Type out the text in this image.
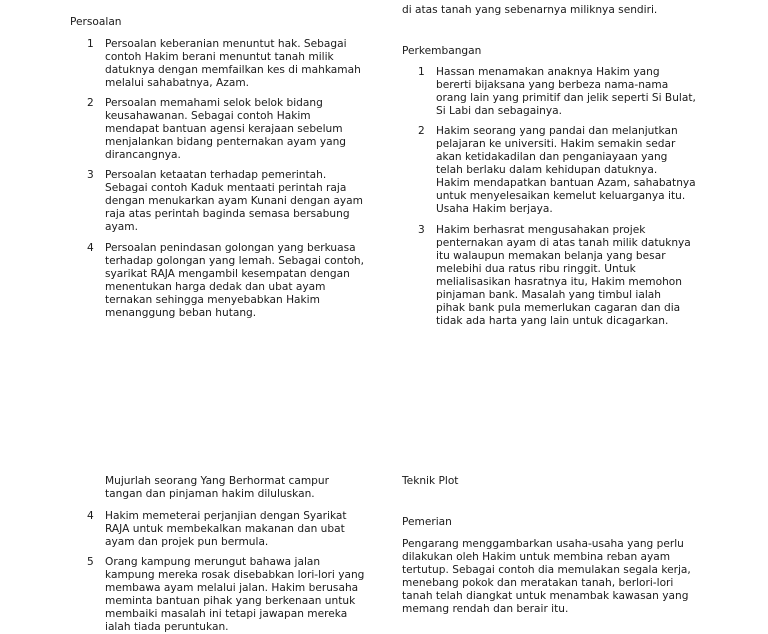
di atas tanah yang sebenarnya miliknya sendiri.
Persoalan
1	Persoalan keberanian menuntut hak. Sebagai
contoh Hakim berani menuntut tanah milik
datuknya dengan memfailkan kes di mahkamah
melalui sahabatnya, Azam.
2	Persoalan memahami selok belok bidang
keusahawanan. Sebagai contoh Hakim
mendapat bantuan agensi kerajaan sebelum
menjalankan bidang penternakan ayam yang
dirancangnya.
3	Persoalan ketaatan terhadap pemerintah.
Sebagai contoh Kaduk mentaati perintah raja
dengan menukarkan ayam Kunani dengan ayam
raja atas perintah baginda semasa bersabung
ayam.
4	Persoalan penindasan golongan yang berkuasa
terhadap golongan yang lemah. Sebagai contoh,
syarikat RAJA mengambil kesempatan dengan
menentukan harga dedak dan ubat ayam
ternakan sehingga menyebabkan Hakim
menanggung beban hutang.
Perkembangan
1	Hassan menamakan anaknya Hakim yang
bererti bijaksana yang berbeza nama-nama
orang lain yang primitif dan jelik seperti Si Bulat,
Si Labi dan sebagainya.
2	Hakim seorang yang pandai dan melanjutkan
pelajaran ke universiti. Hakim semakin sedar
akan ketidakadilan dan penganiayaan yang
telah berlaku dalam kehidupan datuknya.
Hakim mendapatkan bantuan Azam, sahabatnya
untuk menyelesaikan kemelut keluarganya itu.
Usaha Hakim berjaya.
3	Hakim berhasrat mengusahakan projek
penternakan ayam di atas tanah milik datuknya
itu walaupun memakan belanja yang besar
melebihi dua ratus ribu ringgit. Untuk
melialisasikan hasratnya itu, Hakim memohon
pinjaman bank. Masalah yang timbul ialah
pihak bank pula memerlukan cagaran dan dia
tidak ada harta yang lain untuk dicagarkan.
Mujurlah seorang Yang Berhormat campur
tangan dan pinjaman hakim diluluskan.
4	Hakim memeterai perjanjian dengan Syarikat
RAJA untuk membekalkan makanan dan ubat
ayam dan projek pun bermula.
5	Orang kampung merungut bahawa jalan
kampung mereka rosak disebabkan lori-lori yang
membawa ayam melalui jalan. Hakim berusaha
meminta bantuan pihak yang berkenaan untuk
membaiki masalah ini tetapi jawapan mereka
ialah tiada peruntukan.
Teknik Plot
Pemerian
Pengarang menggambarkan usaha-usaha yang perlu
dilakukan oleh Hakim untuk membina reban ayam
tertutup. Sebagai contoh dia memulakan segala kerja,
menebang pokok dan meratakan tanah, berlori-lori
tanah telah diangkat untuk menambak kawasan yang
memang rendah dan berair itu.
